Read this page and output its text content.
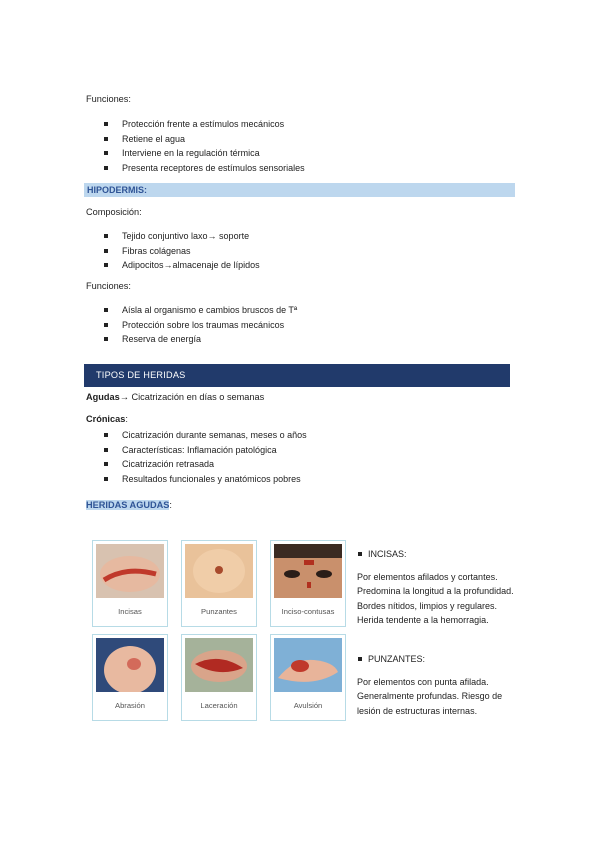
Funciones:
Protección frente a estímulos mecánicos
Retiene el agua
Interviene en la regulación térmica
Presenta receptores de estímulos sensoriales
HIPODERMIS:
Composición:
Tejido conjuntivo laxo→ soporte
Fibras colágenas
Adipocitos→almacenaje de lípidos
Funciones:
Aísla al organismo e cambios bruscos de Tª
Protección sobre los traumas mecánicos
Reserva de energía
TIPOS DE HERIDAS
Agudas→ Cicatrización en días o semanas
Crónicas:
Cicatrización durante semanas, meses o años
Características: Inflamación patológica
Cicatrización retrasada
Resultados funcionales y anatómicos pobres
HERIDAS AGUDAS:
Incisas	Punzantes	Inciso-contusas
Abrasión	Laceración	Avulsión

INCISAS:

Por elementos afilados y cortantes. Predomina la longitud a la profundidad. Bordes nítidos, limpios y regulares. Herida tendente a la hemorragia.

PUNZANTES:

Por elementos con punta afilada. Generalmente profundas. Riesgo de lesión de estructuras internas.
